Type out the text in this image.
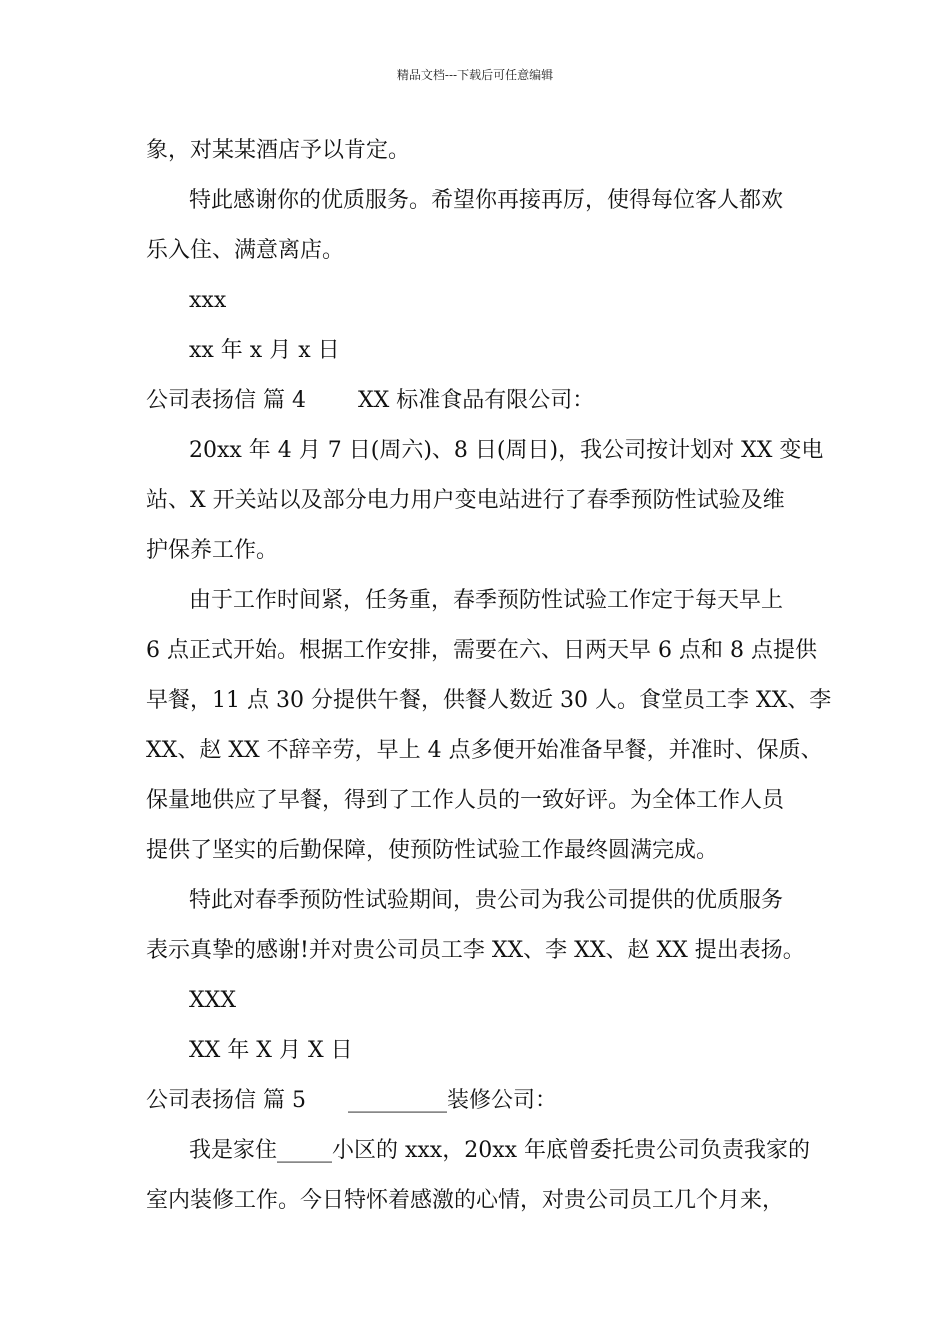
精品文档---下载后可任意编辑
象，对某某酒店予以肯定。
特此感谢你的优质服务。希望你再接再厉，使得每位客人都欢
乐入住、满意离店。
xxx
xx 年 x 月 x 日
公司表扬信 篇 4 XX 标准食品有限公司：
20xx 年 4 月 7 日(周六)、8 日(周日)，我公司按计划对 XX 变电
站、X 开关站以及部分电力用户变电站进行了春季预防性试验及维
护保养工作。
由于工作时间紧，任务重，春季预防性试验工作定于每天早上
6 点正式开始。根据工作安排，需要在六、日两天早 6 点和 8 点提供
早餐，11 点 30 分提供午餐，供餐人数近 30 人。食堂员工李 XX、李
XX、赵 XX 不辞辛劳，早上 4 点多便开始准备早餐，并准时、保质、
保量地供应了早餐，得到了工作人员的一致好评。为全体工作人员
提供了坚实的后勤保障，使预防性试验工作最终圆满完成。
特此对春季预防性试验期间，贵公司为我公司提供的优质服务
表示真挚的感谢!并对贵公司员工李 XX、李 XX、赵 XX 提出表扬。
XXX
XX 年 X 月 X 日
公司表扬信 篇 5 _________装修公司：
我是家住_____小区的 xxx，20xx 年底曾委托贵公司负责我家的
室内装修工作。今日特怀着感激的心情，对贵公司员工几个月来，
